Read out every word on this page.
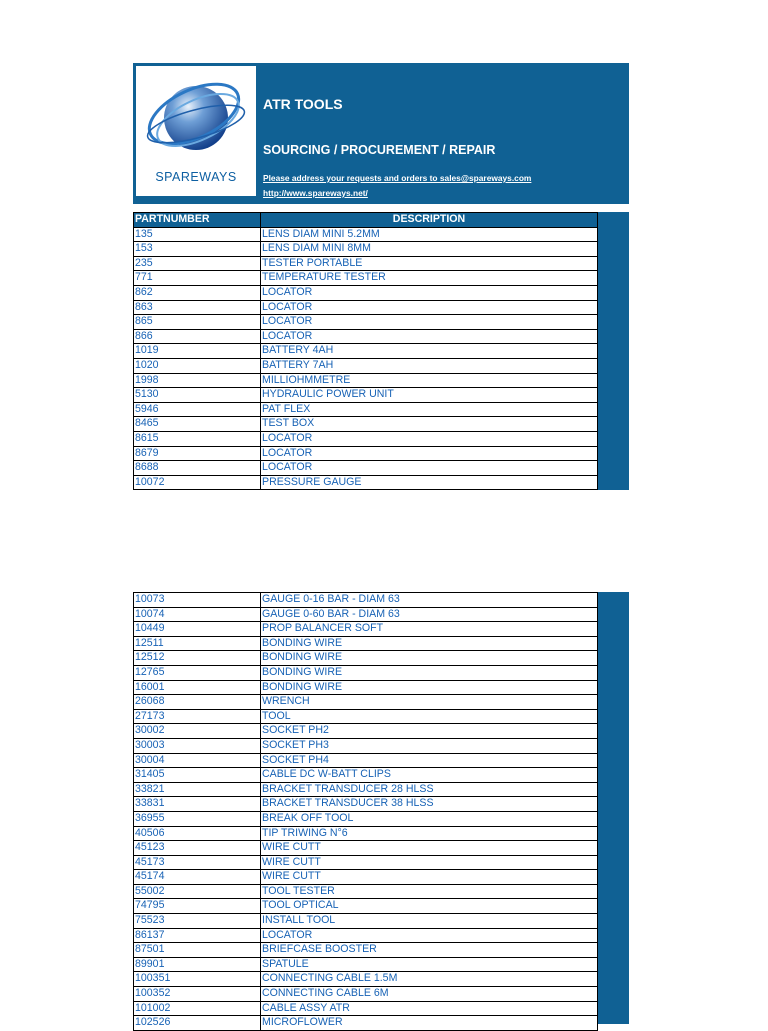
SPAREWAYS
ATR TOOLS
SOURCING / PROCUREMENT / REPAIR
Please address your requests and orders to sales@spareways.com
http://www.spareways.net/
PARTNUMBER	DESCRIPTION
135	LENS DIAM MINI 5.2MM
153	LENS DIAM MINI 8MM
235	TESTER PORTABLE
771	TEMPERATURE TESTER
862	LOCATOR
863	LOCATOR
865	LOCATOR
866	LOCATOR
1019	BATTERY 4AH
1020	BATTERY 7AH
1998	MILLIOHMMETRE
5130	HYDRAULIC POWER UNIT
5946	PAT FLEX
8465	TEST BOX
8615	LOCATOR
8679	LOCATOR
8688	LOCATOR
10072	PRESSURE GAUGE
10073	GAUGE 0-16 BAR - DIAM 63
10074	GAUGE 0-60 BAR - DIAM 63
10449	PROP BALANCER SOFT
12511	BONDING WIRE
12512	BONDING WIRE
12765	BONDING WIRE
16001	BONDING WIRE
26068	WRENCH
27173	TOOL
30002	SOCKET PH2
30003	SOCKET PH3
30004	SOCKET PH4
31405	CABLE DC W-BATT CLIPS
33821	BRACKET TRANSDUCER 28 HLSS
33831	BRACKET TRANSDUCER 38 HLSS
36955	BREAK OFF TOOL
40506	TIP TRIWING N°6
45123	WIRE CUTT
45173	WIRE CUTT
45174	WIRE CUTT
55002	TOOL TESTER
74795	TOOL OPTICAL
75523	INSTALL TOOL
86137	LOCATOR
87501	BRIEFCASE BOOSTER
89901	SPATULE
100351	CONNECTING CABLE 1.5M
100352	CONNECTING CABLE 6M
101002	CABLE ASSY ATR
102526	MICROFLOWER
